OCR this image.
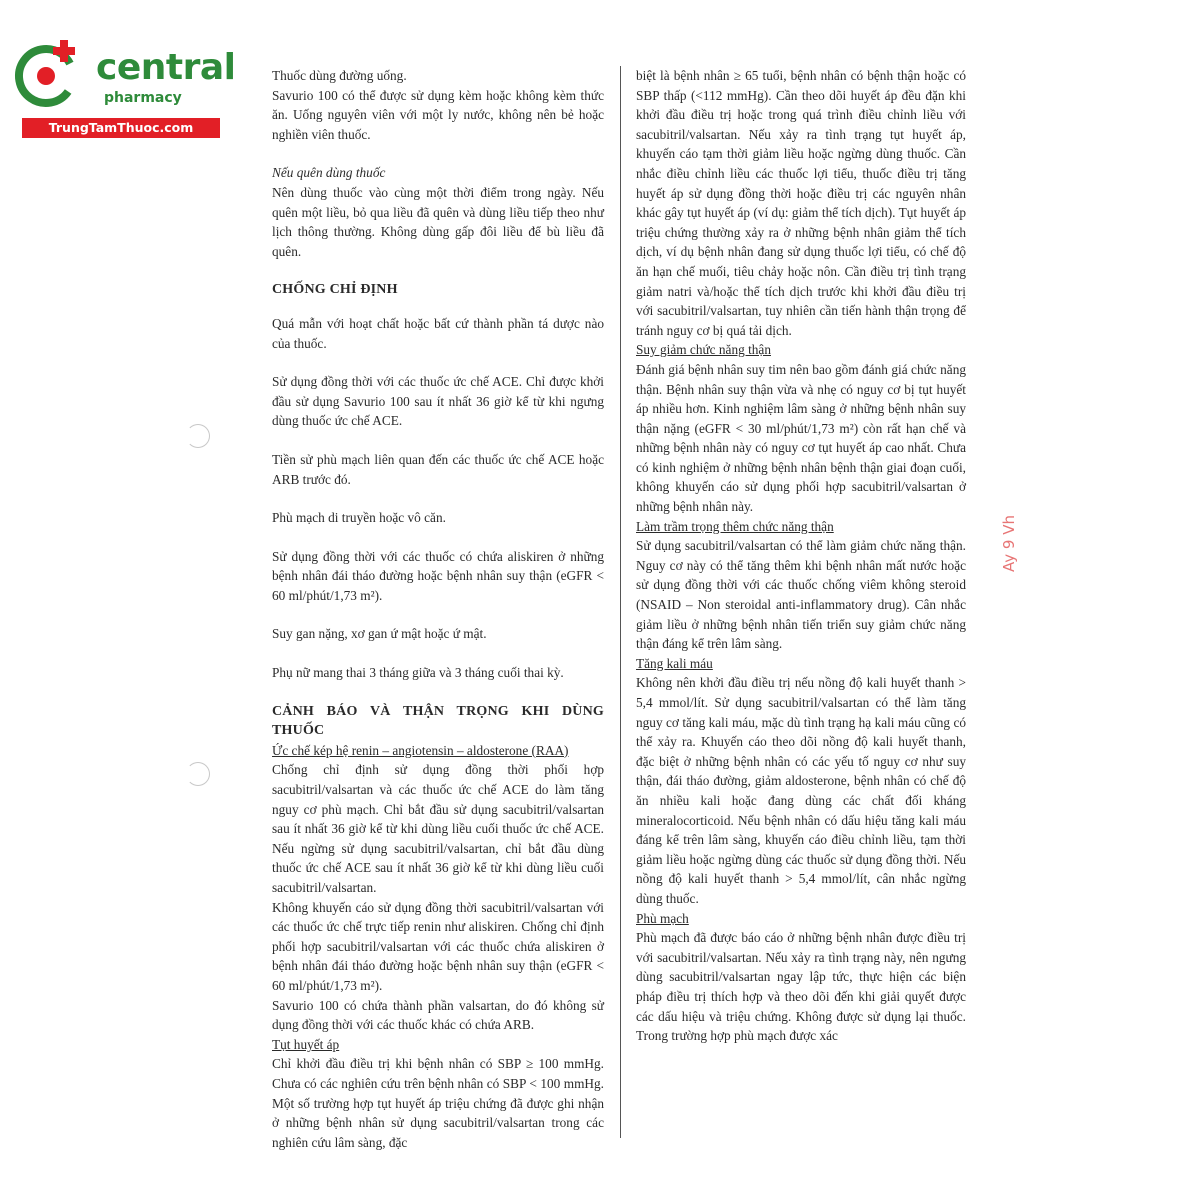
central
pharmacy
TrungTamThuoc.com
Thuốc dùng đường uống.
Savurio 100 có thể được sử dụng kèm hoặc không kèm thức ăn. Uống nguyên viên với một ly nước, không nên bẻ hoặc nghiền viên thuốc.
Nếu quên dùng thuốc
Nên dùng thuốc vào cùng một thời điểm trong ngày. Nếu quên một liều, bỏ qua liều đã quên và dùng liều tiếp theo như lịch thông thường. Không dùng gấp đôi liều để bù liều đã quên.
CHỐNG CHỈ ĐỊNH
Quá mẫn với hoạt chất hoặc bất cứ thành phần tá dược nào của thuốc.
Sử dụng đồng thời với các thuốc ức chế ACE. Chỉ được khởi đầu sử dụng Savurio 100 sau ít nhất 36 giờ kể từ khi ngưng dùng thuốc ức chế ACE.
Tiền sử phù mạch liên quan đến các thuốc ức chế ACE hoặc ARB trước đó.
Phù mạch di truyền hoặc vô căn.
Sử dụng đồng thời với các thuốc có chứa aliskiren ở những bệnh nhân đái tháo đường hoặc bệnh nhân suy thận (eGFR < 60 ml/phút/1,73 m²).
Suy gan nặng, xơ gan ứ mật hoặc ứ mật.
Phụ nữ mang thai 3 tháng giữa và 3 tháng cuối thai kỳ.
CẢNH BÁO VÀ THẬN TRỌNG KHI DÙNG THUỐC
Ức chế kép hệ renin – angiotensin – aldosterone (RAA)
Chống chỉ định sử dụng đồng thời phối hợp sacubitril/valsartan và các thuốc ức chế ACE do làm tăng nguy cơ phù mạch. Chỉ bắt đầu sử dụng sacubitril/valsartan sau ít nhất 36 giờ kể từ khi dùng liều cuối thuốc ức chế ACE. Nếu ngừng sử dụng sacubitril/valsartan, chỉ bắt đầu dùng thuốc ức chế ACE sau ít nhất 36 giờ kể từ khi dùng liều cuối sacubitril/valsartan.
Không khuyến cáo sử dụng đồng thời sacubitril/valsartan với các thuốc ức chế trực tiếp renin như aliskiren. Chống chỉ định phối hợp sacubitril/valsartan với các thuốc chứa aliskiren ở bệnh nhân đái tháo đường hoặc bệnh nhân suy thận (eGFR < 60 ml/phút/1,73 m²).
Savurio 100 có chứa thành phần valsartan, do đó không sử dụng đồng thời với các thuốc khác có chứa ARB.
Tụt huyết áp
Chỉ khởi đầu điều trị khi bệnh nhân có SBP ≥ 100 mmHg. Chưa có các nghiên cứu trên bệnh nhân có SBP < 100 mmHg. Một số trường hợp tụt huyết áp triệu chứng đã được ghi nhận ở những bệnh nhân sử dụng sacubitril/valsartan trong các nghiên cứu lâm sàng, đặc
biệt là bệnh nhân ≥ 65 tuổi, bệnh nhân có bệnh thận hoặc có SBP thấp (<112 mmHg). Cần theo dõi huyết áp đều đặn khi khởi đầu điều trị hoặc trong quá trình điều chỉnh liều với sacubitril/valsartan. Nếu xảy ra tình trạng tụt huyết áp, khuyến cáo tạm thời giảm liều hoặc ngừng dùng thuốc. Cần nhắc điều chỉnh liều các thuốc lợi tiểu, thuốc điều trị tăng huyết áp sử dụng đồng thời hoặc điều trị các nguyên nhân khác gây tụt huyết áp (ví dụ: giảm thể tích dịch). Tụt huyết áp triệu chứng thường xảy ra ở những bệnh nhân giảm thể tích dịch, ví dụ bệnh nhân đang sử dụng thuốc lợi tiểu, có chế độ ăn hạn chế muối, tiêu chảy hoặc nôn. Cần điều trị tình trạng giảm natri và/hoặc thể tích dịch trước khi khởi đầu điều trị với sacubitril/valsartan, tuy nhiên cần tiến hành thận trọng để tránh nguy cơ bị quá tải dịch.
Suy giảm chức năng thận
Đánh giá bệnh nhân suy tim nên bao gồm đánh giá chức năng thận. Bệnh nhân suy thận vừa và nhẹ có nguy cơ bị tụt huyết áp nhiều hơn. Kinh nghiệm lâm sàng ở những bệnh nhân suy thận nặng (eGFR < 30 ml/phút/1,73 m²) còn rất hạn chế và những bệnh nhân này có nguy cơ tụt huyết áp cao nhất. Chưa có kinh nghiệm ở những bệnh nhân bệnh thận giai đoạn cuối, không khuyến cáo sử dụng phối hợp sacubitril/valsartan ở những bệnh nhân này.
Làm trầm trọng thêm chức năng thận
Sử dụng sacubitril/valsartan có thể làm giảm chức năng thận. Nguy cơ này có thể tăng thêm khi bệnh nhân mất nước hoặc sử dụng đồng thời với các thuốc chống viêm không steroid (NSAID – Non steroidal anti-inflammatory drug). Cân nhắc giảm liều ở những bệnh nhân tiến triển suy giảm chức năng thận đáng kể trên lâm sàng.
Tăng kali máu
Không nên khởi đầu điều trị nếu nồng độ kali huyết thanh > 5,4 mmol/lít. Sử dụng sacubitril/valsartan có thể làm tăng nguy cơ tăng kali máu, mặc dù tình trạng hạ kali máu cũng có thể xảy ra. Khuyến cáo theo dõi nồng độ kali huyết thanh, đặc biệt ở những bệnh nhân có các yếu tố nguy cơ như suy thận, đái tháo đường, giảm aldosterone, bệnh nhân có chế độ ăn nhiều kali hoặc đang dùng các chất đối kháng mineralocorticoid. Nếu bệnh nhân có dấu hiệu tăng kali máu đáng kể trên lâm sàng, khuyến cáo điều chỉnh liều, tạm thời giảm liều hoặc ngừng dùng các thuốc sử dụng đồng thời. Nếu nồng độ kali huyết thanh > 5,4 mmol/lít, cân nhắc ngừng dùng thuốc.
Phù mạch
Phù mạch đã được báo cáo ở những bệnh nhân được điều trị với sacubitril/valsartan. Nếu xảy ra tình trạng này, nên ngưng dùng sacubitril/valsartan ngay lập tức, thực hiện các biện pháp điều trị thích hợp và theo dõi đến khi giải quyết được các dấu hiệu và triệu chứng. Không được sử dụng lại thuốc. Trong trường hợp phù mạch được xác
Ay 9 Vh
